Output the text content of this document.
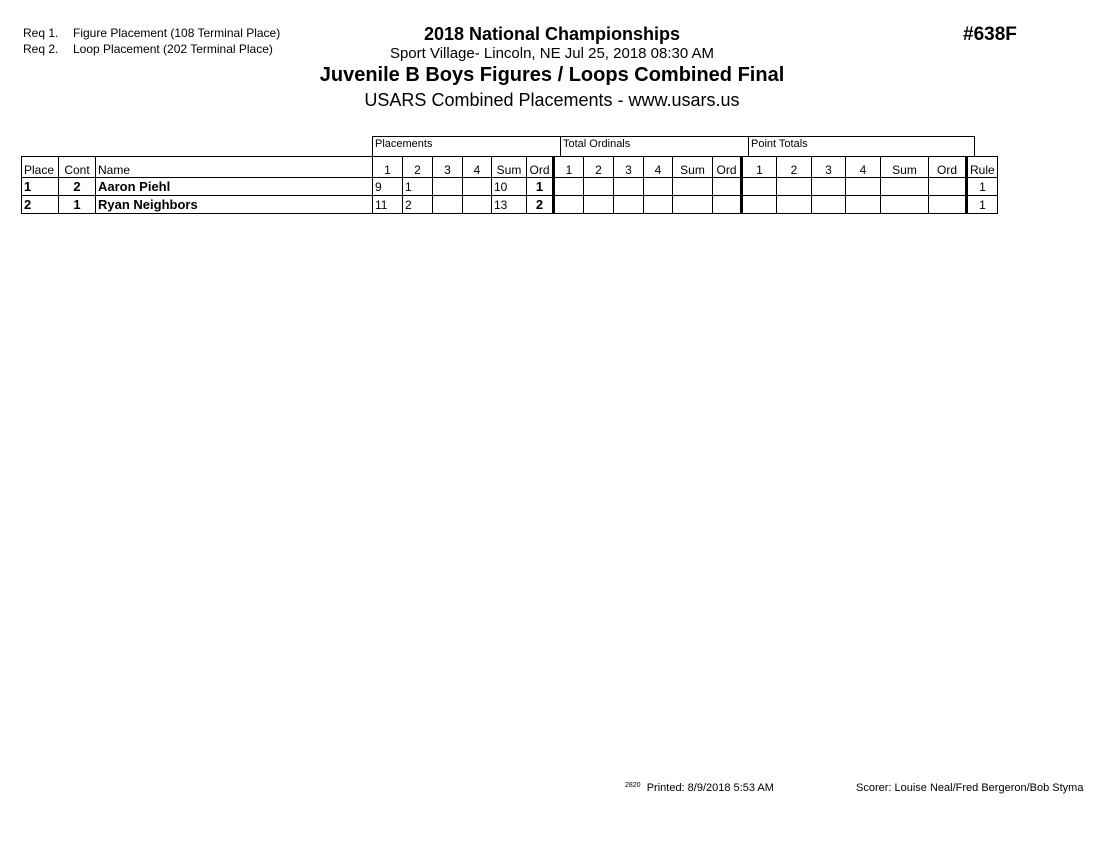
Req 1. Figure Placement (108 Terminal Place)
Req 2. Loop Placement (202 Terminal Place)
2018 National Championships
Sport Village- Lincoln, NE Jul 25, 2018 08:30 AM
Juvenile B Boys Figures / Loops Combined Final
USARS Combined Placements - www.usars.us
#638F
Placements	Total Ordinals	Point Totals
Place	Cont	Name	1	2	3	4	Sum	Ord	1	2	3	4	Sum	Ord	1	2	3	4	Sum	Ord	Rule
1	2	Aaron Piehl	9	1			10	1													1
2	1	Ryan Neighbors	11	2			13	2													1
$^{2820}$ Printed: 8/9/2018 5:53 AM	Scorer: Louise Neal/Fred Bergeron/Bob Styma
